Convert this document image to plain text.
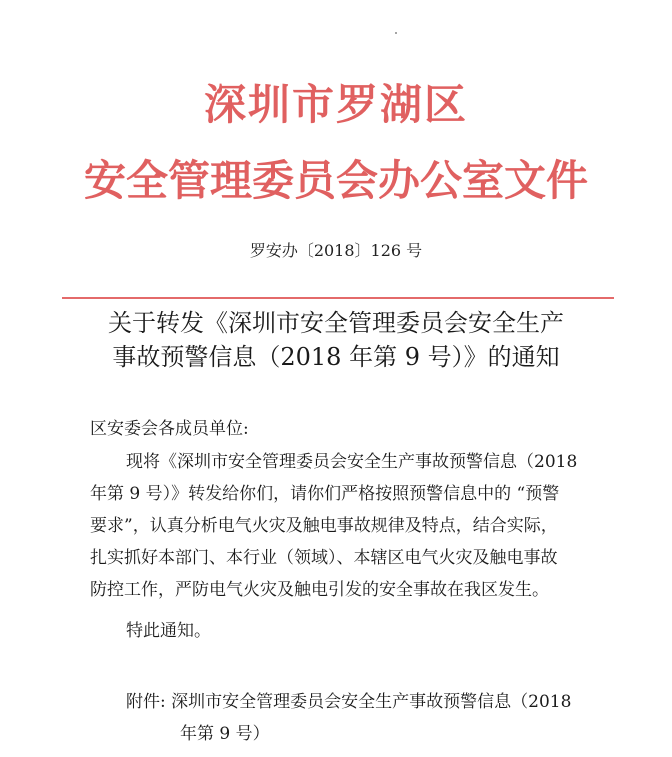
深圳市罗湖区
安全管理委员会办公室文件
罗安办〔2018〕126 号
关于转发《深圳市安全管理委员会安全生产
事故预警信息（2018 年第 9 号）》的通知
区安委会各成员单位:
现将《深圳市安全管理委员会安全生产事故预警信息（2018
年第 9 号）》转发给你们，请你们严格按照预警信息中的 “预警
要求”，认真分析电气火灾及触电事故规律及特点，结合实际，
扎实抓好本部门、本行业（领域）、本辖区电气火灾及触电事故
防控工作，严防电气火灾及触电引发的安全事故在我区发生。
特此通知。
附件: 深圳市安全管理委员会安全生产事故预警信息（2018
年第 9 号）
